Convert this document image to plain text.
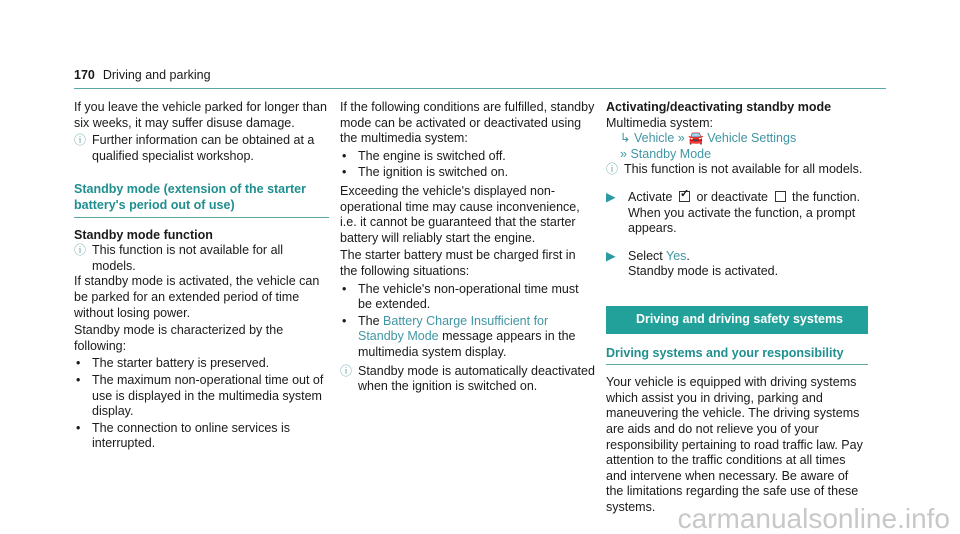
170 Driving and parking

If you leave the vehicle parked for longer than six weeks, it may suffer disuse damage.

ⓘ Further information can be obtained at a qualified specialist workshop.
Standby mode (extension of the starter battery's period out of use)
Standby mode function
ⓘ This function is not available for all models.

If standby mode is activated, the vehicle can be parked for an extended period of time without losing power.

Standby mode is characterized by the following:

• The starter battery is preserved.
• The maximum non-operational time out of use is displayed in the multimedia system display.
• The connection to online services is interrupted.

If the following conditions are fulfilled, standby mode can be activated or deactivated using the multimedia system:

• The engine is switched off.
• The ignition is switched on.

Exceeding the vehicle's displayed non-operational time may cause inconvenience, i.e. it cannot be guaranteed that the starter battery will reliably start the engine.

The starter battery must be charged first in the following situations:

• The vehicle's non-operational time must be extended.
• The Battery Charge Insufficient for Standby Mode message appears in the multimedia system display.
ⓘ Standby mode is automatically deactivated when the ignition is switched on.
Activating/deactivating standby mode
Multimedia system:
↳ Vehicle » 🚘 Vehicle Settings
» Standby Mode
ⓘ This function is not available for all models.
▶ Activate ✓ or deactivate the function.
When you activate the function, a prompt appears.
▶ Select Yes.
Standby mode is activated.
Driving and driving safety systems
Driving systems and your responsibility

Your vehicle is equipped with driving systems which assist you in driving, parking and maneuvering the vehicle. The driving systems are aids and do not relieve you of your responsibility pertaining to road traffic law. Pay attention to the traffic conditions at all times and intervene when necessary. Be aware of the limitations regarding the safe use of these systems. carmanualsonline.info
